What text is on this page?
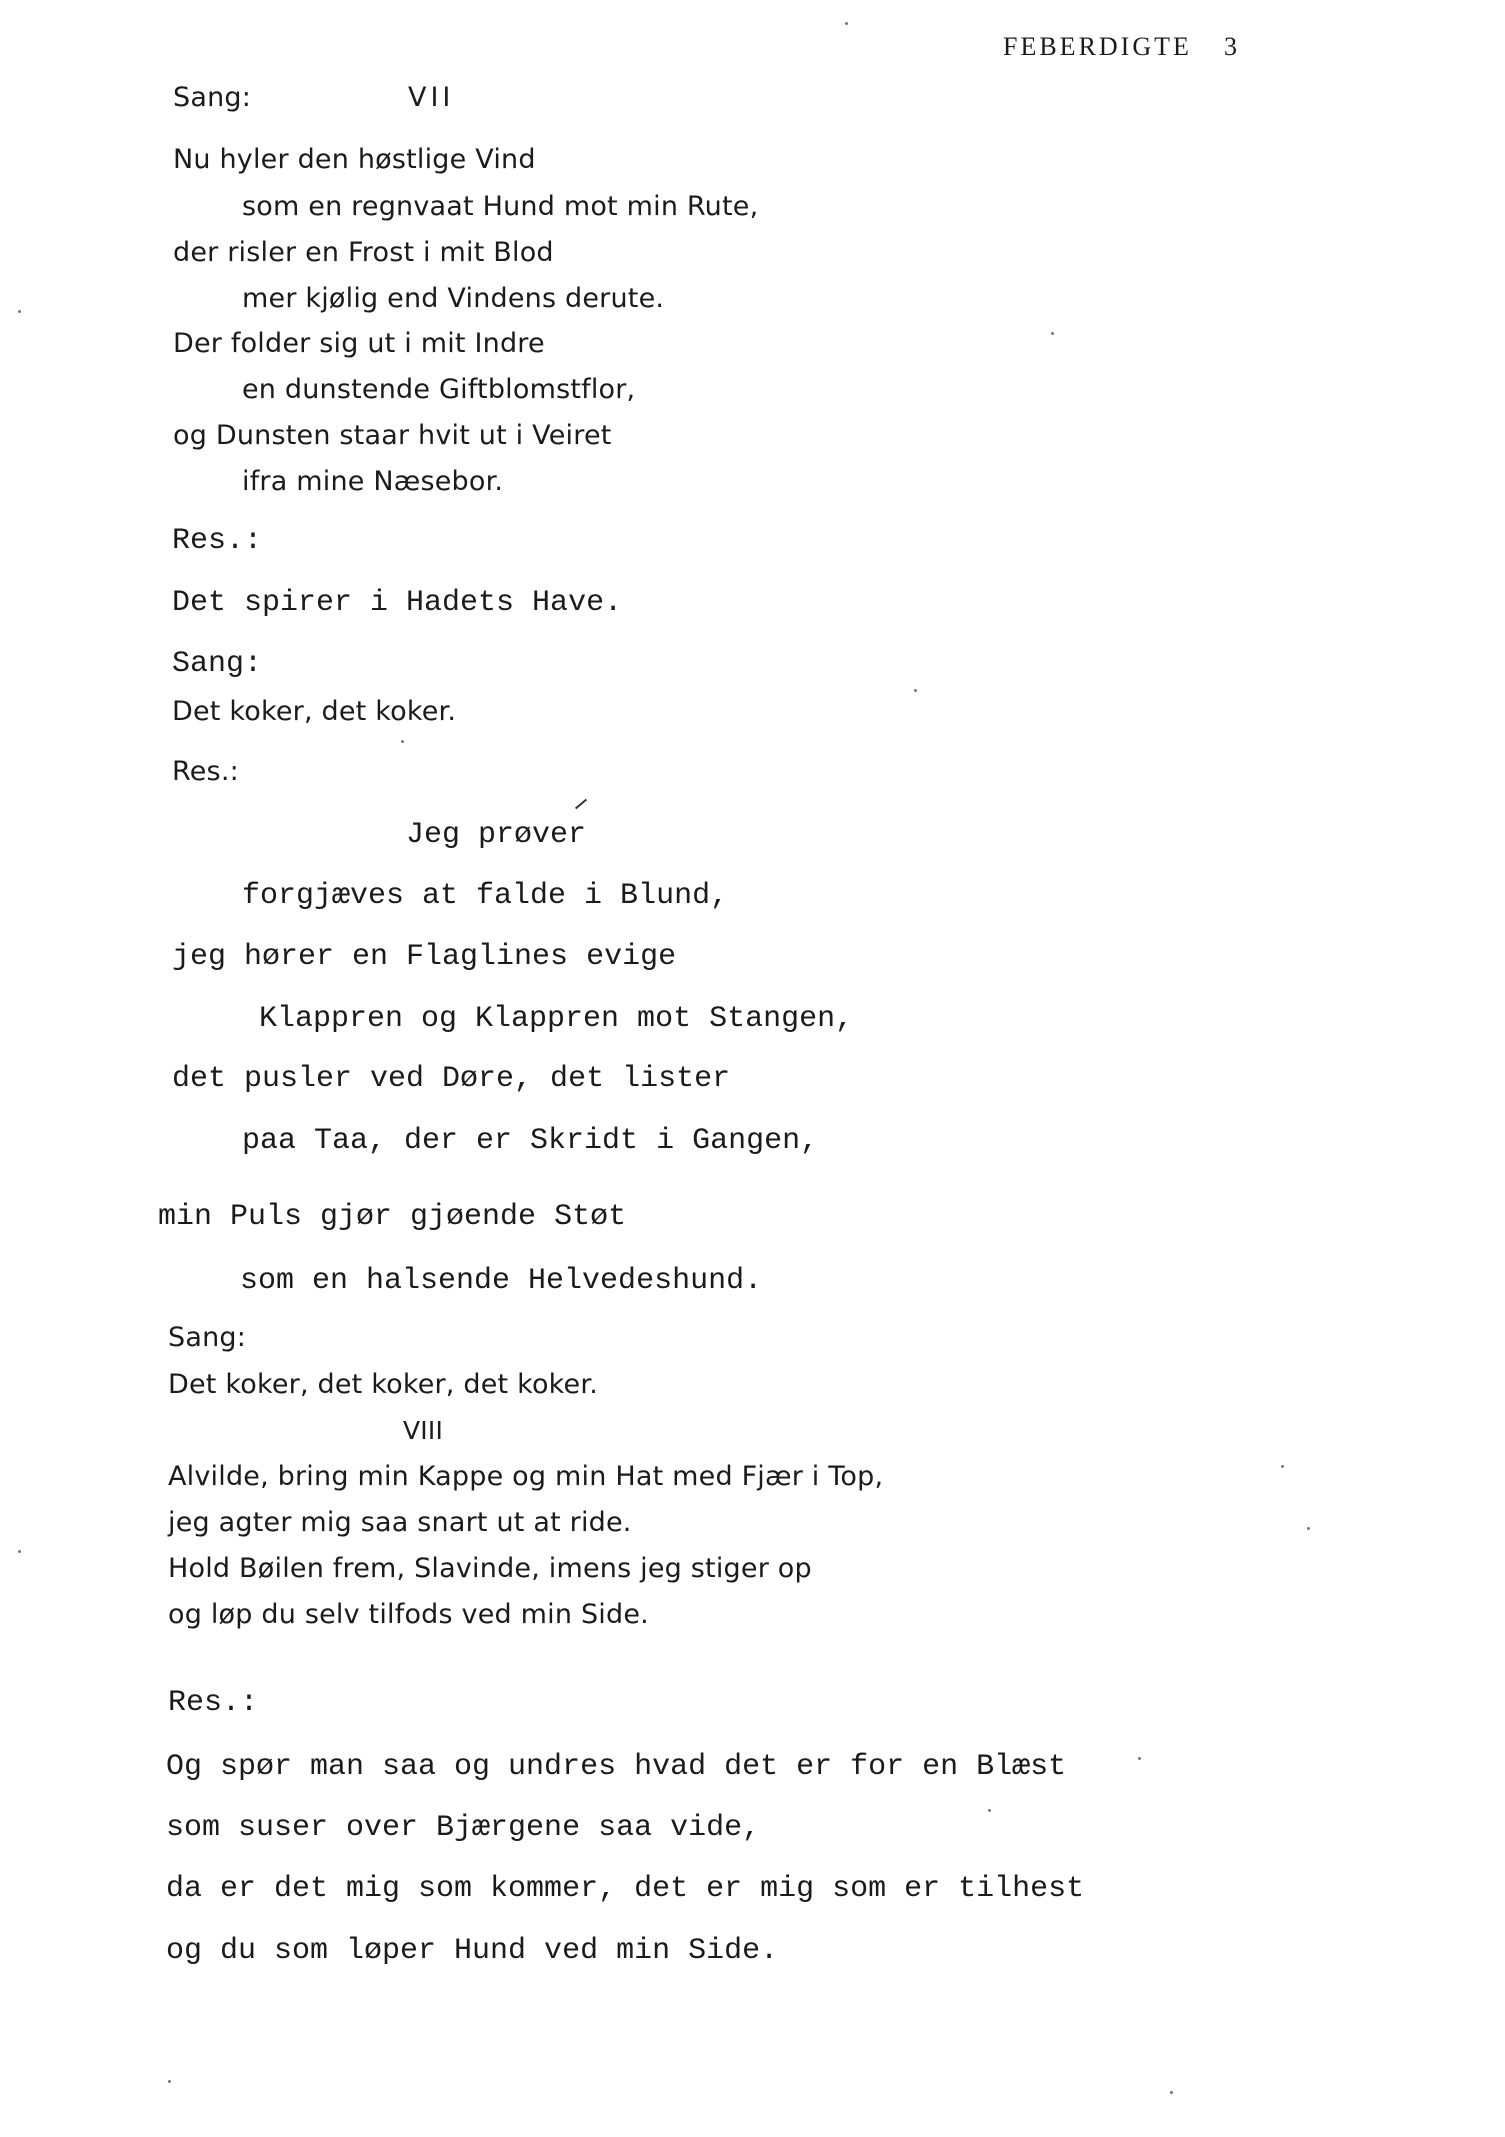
FEBERDIGTE 3
Sang:	VII
Nu hyler den høstlige Vind
som en regnvaat Hund mot min Rute,
der risler en Frost i mit Blod
mer kjølig end Vindens derute.
Der folder sig ut i mit Indre
en dunstende Giftblomstflor,
og Dunsten staar hvit ut i Veiret
ifra mine Næsebor.
Res.:
Det spirer i Hadets Have.
Sang:
Det koker, det koker.
Res.:
Jeg prøver
forgjæves at falde i Blund,
jeg hører en Flaglines evige
Klappren og Klappren mot Stangen,
det pusler ved Døre, det lister
paa Taa, der er Skridt i Gangen,
min Puls gjør gjøende Støt
som en halsende Helvedeshund.
Sang:
Det koker, det koker, det koker.
VIII
Alvilde, bring min Kappe og min Hat med Fjær i Top,
jeg agter mig saa snart ut at ride.
Hold Bøilen frem, Slavinde, imens jeg stiger op
og løp du selv tilfods ved min Side.
Res.:
Og spør man saa og undres hvad det er for en Blæst
som suser over Bjærgene saa vide,
da er det mig som kommer, det er mig som er tilhest
og du som løper Hund ved min Side.
